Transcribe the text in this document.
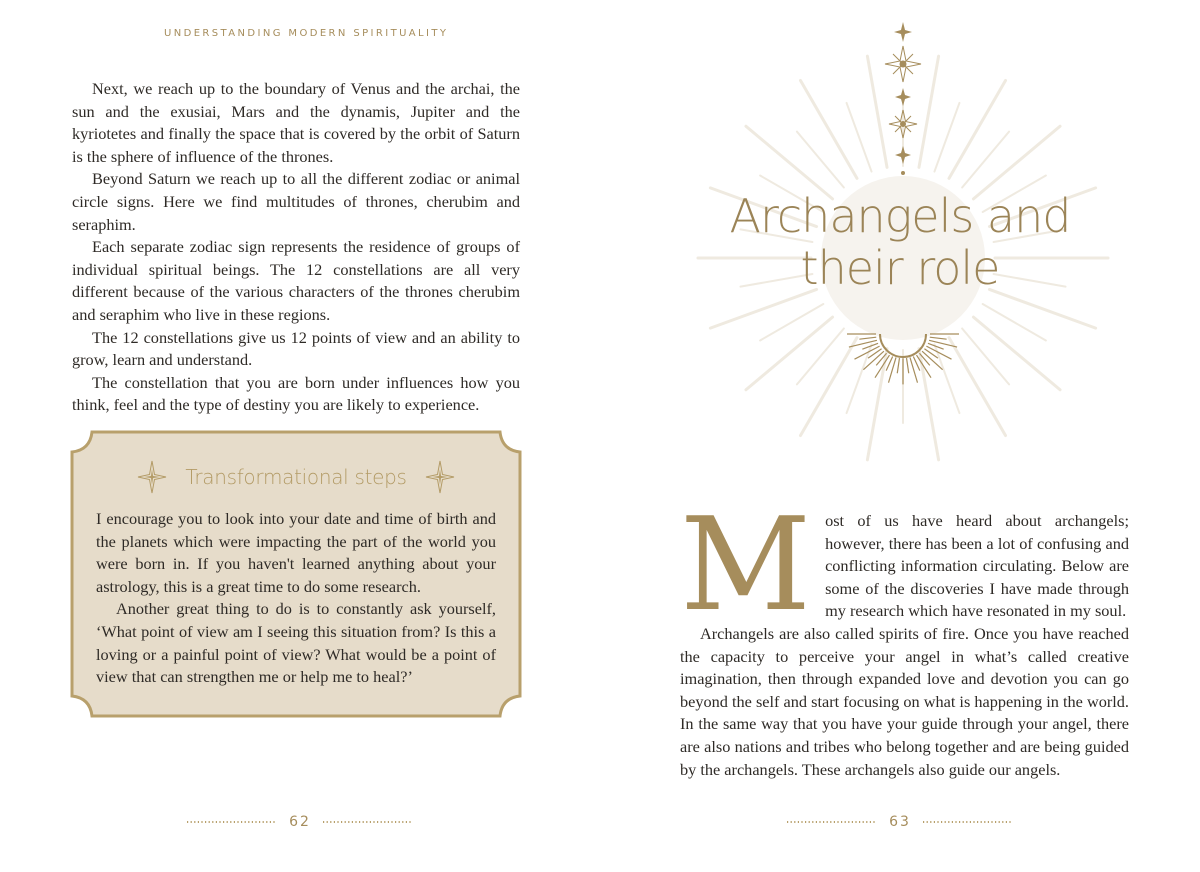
UNDERSTANDING MODERN SPIRITUALITY

Next, we reach up to the boundary of Venus and the archai, the sun and the exusiai, Mars and the dynamis, Jupiter and the kyriotetes and finally the space that is covered by the orbit of Saturn is the sphere of influence of the thrones.

Beyond Saturn we reach up to all the different zodiac or animal circle signs. Here we find multitudes of thrones, cherubim and seraphim.

Each separate zodiac sign represents the residence of groups of individual spiritual beings. The 12 constellations are all very different because of the various characters of the thrones cherubim and seraphim who live in these regions.

The 12 constellations give us 12 points of view and an ability to grow, learn and understand.

The constellation that you are born under influences how you think, feel and the type of destiny you are likely to experience.

Transformational steps

I encourage you to look into your date and time of birth and the planets which were impacting the part of the world you were born in. If you haven't learned anything about your astrology, this is a great time to do some research.

Another great thing to do is to constantly ask yourself, ‘What point of view am I seeing this situation from? Is this a loving or a painful point of view? What would be a point of view that can strengthen me or help me to heal?’

62
Archangels and
their role

Most of us have heard about archangels; however, there has been a lot of confusing and conflicting information circulating. Below are some of the discoveries I have made through my research which have resonated in my soul.

Archangels are also called spirits of fire. Once you have reached the capacity to perceive your angel in what’s called creative imagination, then through expanded love and devotion you can go beyond the self and start focusing on what is happening in the world. In the same way that you have your guide through your angel, there are also nations and tribes who belong together and are being guided by the archangels. These archangels also guide our angels.

63
